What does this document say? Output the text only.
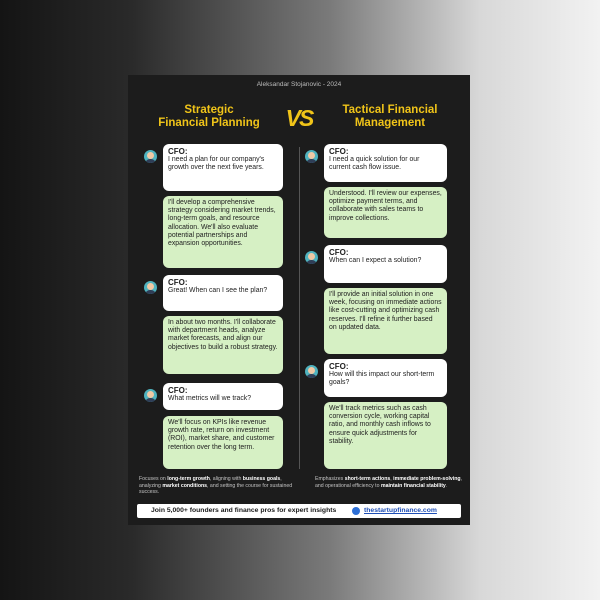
Aleksandar Stojanovic - 2024
Strategic
Financial Planning	VS	Tactical Financial
Management
CFO:
I need a plan for our company's growth over the next five years.
I'll develop a comprehensive strategy considering market trends, long-term goals, and resource allocation. We'll also evaluate potential partnerships and expansion opportunities.
CFO:
Great! When can I see the plan?
In about two months. I'll collaborate with department heads, analyze market forecasts, and align our objectives to build a robust strategy.
CFO:
What metrics will we track?
We'll focus on KPIs like revenue growth rate, return on investment (ROI), market share, and customer retention over the long term.
Focuses on long-term growth, aligning with business goals, analyzing market conditions, and setting the course for sustained success.
CFO:
I need a quick solution for our current cash flow issue.
Understood. I'll review our expenses, optimize payment terms, and collaborate with sales teams to improve collections.
CFO:
When can I expect a solution?
I'll provide an initial solution in one week, focusing on immediate actions like cost-cutting and optimizing cash reserves. I'll refine it further based on updated data.
CFO:
How will this impact our short-term goals?
We'll track metrics such as cash conversion cycle, working capital ratio, and monthly cash inflows to ensure quick adjustments for stability.
Emphasizes short-term actions, immediate problem-solving, and operational efficiency to maintain financial stability.
Join 5,000+ founders and finance pros for expert insights	thestartupfinance.com
